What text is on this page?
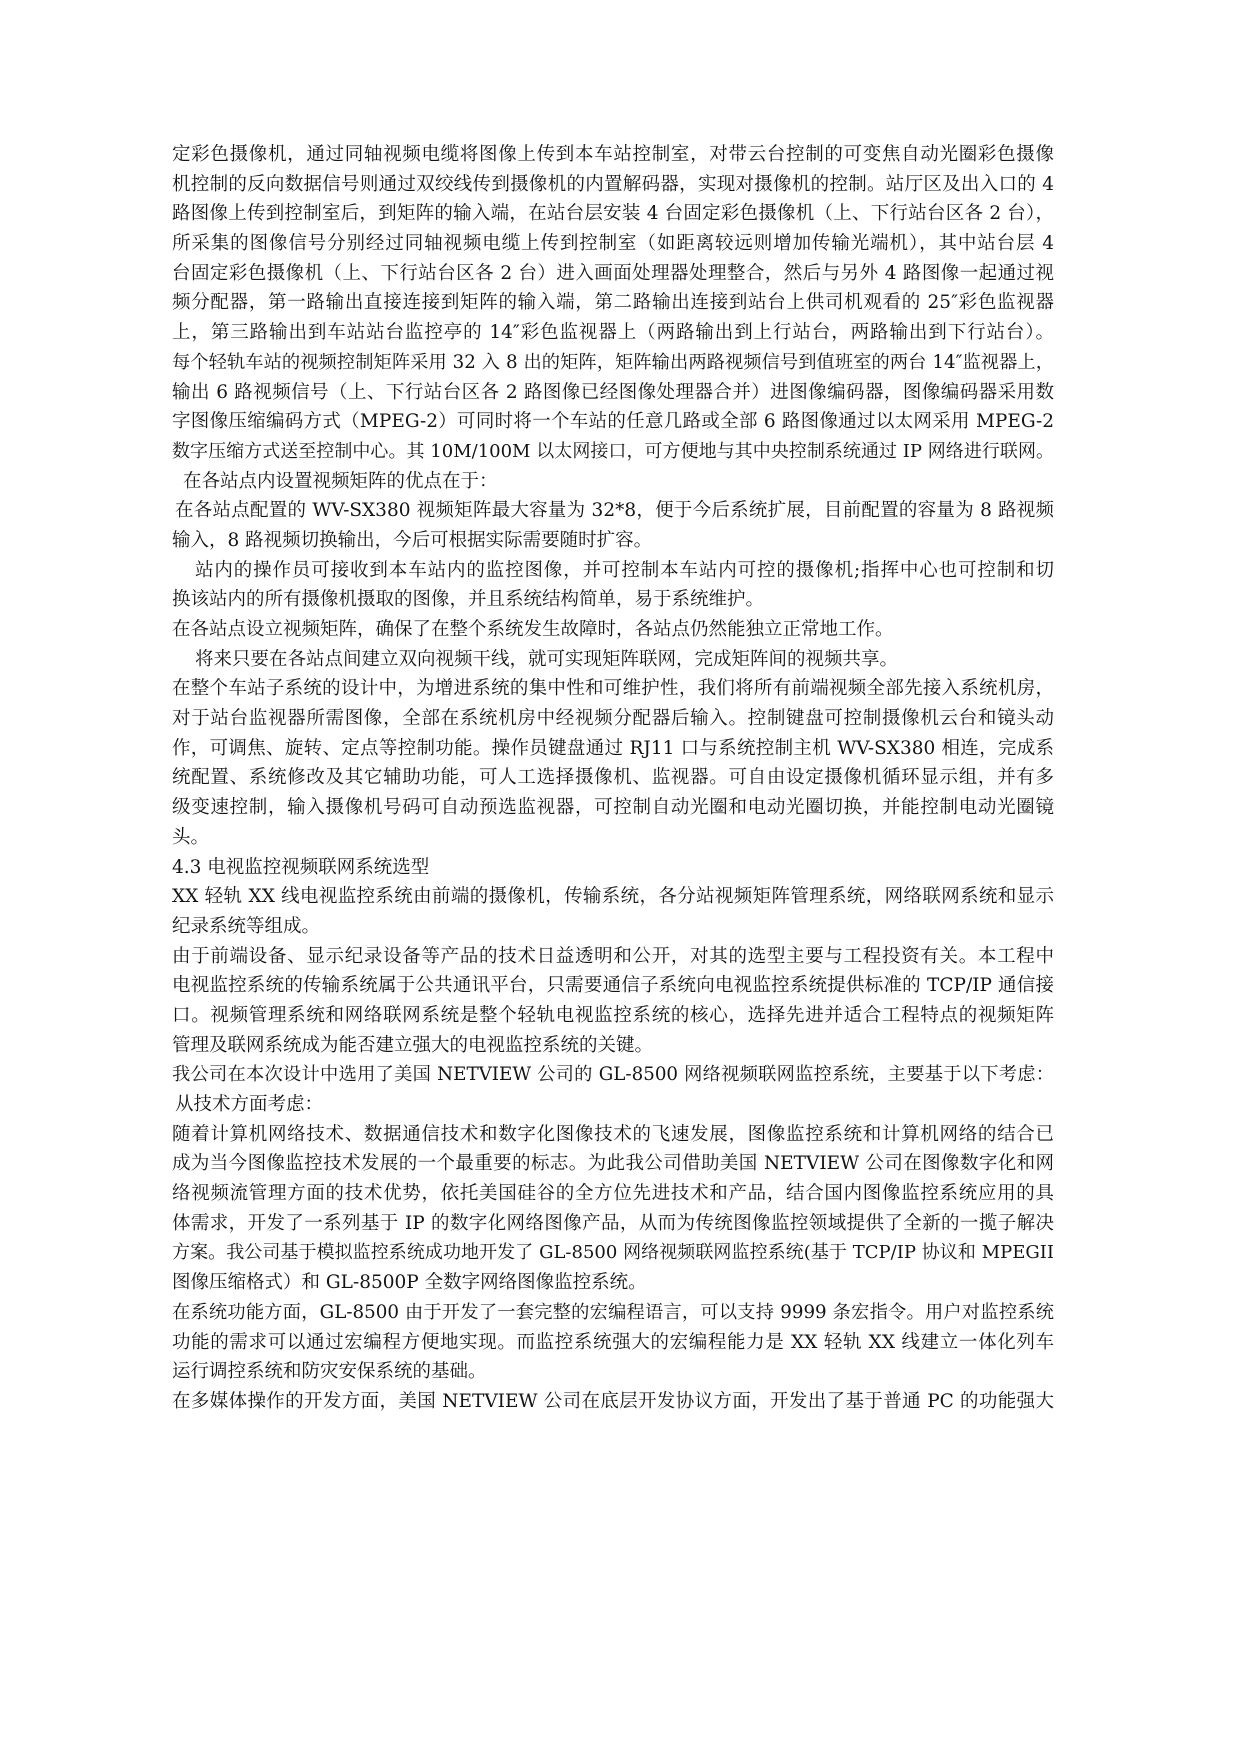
定彩色摄像机，通过同轴视频电缆将图像上传到本车站控制室，对带云台控制的可变焦自动光圈彩色摄像
机控制的反向数据信号则通过双绞线传到摄像机的内置解码器，实现对摄像机的控制。站厅区及出入口的 4
路图像上传到控制室后，到矩阵的输入端，在站台层安装 4 台固定彩色摄像机（上、下行站台区各 2 台），
所采集的图像信号分别经过同轴视频电缆上传到控制室（如距离较远则增加传输光端机），其中站台层 4
台固定彩色摄像机（上、下行站台区各 2 台）进入画面处理器处理整合，然后与另外 4 路图像一起通过视
频分配器，第一路输出直接连接到矩阵的输入端，第二路输出连接到站台上供司机观看的 25″彩色监视器
上，第三路输出到车站站台监控亭的 14″彩色监视器上（两路输出到上行站台，两路输出到下行站台）。
每个轻轨车站的视频控制矩阵采用 32 入 8 出的矩阵，矩阵输出两路视频信号到值班室的两台 14″监视器上，
输出 6 路视频信号（上、下行站台区各 2 路图像已经图像处理器合并）进图像编码器，图像编码器采用数
字图像压缩编码方式（MPEG-2）可同时将一个车站的任意几路或全部 6 路图像通过以太网采用 MPEG-2
数字压缩方式送至控制中心。其 10M/100M 以太网接口，可方便地与其中央控制系统通过 IP 网络进行联网。
在各站点内设置视频矩阵的优点在于：
在各站点配置的 WV-SX380 视频矩阵最大容量为 32*8，便于今后系统扩展，目前配置的容量为 8 路视频
输入，8 路视频切换输出，今后可根据实际需要随时扩容。
站内的操作员可接收到本车站内的监控图像，并可控制本车站内可控的摄像机;指挥中心也可控制和切
换该站内的所有摄像机摄取的图像，并且系统结构简单，易于系统维护。
在各站点设立视频矩阵，确保了在整个系统发生故障时，各站点仍然能独立正常地工作。
将来只要在各站点间建立双向视频干线，就可实现矩阵联网，完成矩阵间的视频共享。
在整个车站子系统的设计中，为增进系统的集中性和可维护性，我们将所有前端视频全部先接入系统机房，
对于站台监视器所需图像，全部在系统机房中经视频分配器后输入。控制键盘可控制摄像机云台和镜头动
作，可调焦、旋转、定点等控制功能。操作员键盘通过 RJ11 口与系统控制主机 WV-SX380 相连，完成系
统配置、系统修改及其它辅助功能，可人工选择摄像机、监视器。可自由设定摄像机循环显示组，并有多
级变速控制，输入摄像机号码可自动预选监视器，可控制自动光圈和电动光圈切换，并能控制电动光圈镜
头。
4.3 电视监控视频联网系统选型
XX 轻轨 XX 线电视监控系统由前端的摄像机，传输系统，各分站视频矩阵管理系统，网络联网系统和显示
纪录系统等组成。
由于前端设备、显示纪录设备等产品的技术日益透明和公开，对其的选型主要与工程投资有关。本工程中
电视监控系统的传输系统属于公共通讯平台，只需要通信子系统向电视监控系统提供标准的 TCP/IP 通信接
口。视频管理系统和网络联网系统是整个轻轨电视监控系统的核心，选择先进并适合工程特点的视频矩阵
管理及联网系统成为能否建立强大的电视监控系统的关键。
我公司在本次设计中选用了美国 NETVIEW 公司的 GL-8500 网络视频联网监控系统，主要基于以下考虑：
从技术方面考虑：
随着计算机网络技术、数据通信技术和数字化图像技术的飞速发展，图像监控系统和计算机网络的结合已
成为当今图像监控技术发展的一个最重要的标志。为此我公司借助美国 NETVIEW 公司在图像数字化和网
络视频流管理方面的技术优势，依托美国硅谷的全方位先进技术和产品，结合国内图像监控系统应用的具
体需求，开发了一系列基于 IP 的数字化网络图像产品，从而为传统图像监控领域提供了全新的一揽子解决
方案。我公司基于模拟监控系统成功地开发了 GL-8500 网络视频联网监控系统(基于 TCP/IP 协议和 MPEGII
图像压缩格式）和 GL-8500P 全数字网络图像监控系统。
在系统功能方面，GL-8500 由于开发了一套完整的宏编程语言，可以支持 9999 条宏指令。用户对监控系统
功能的需求可以通过宏编程方便地实现。而监控系统强大的宏编程能力是 XX 轻轨 XX 线建立一体化列车
运行调控系统和防灾安保系统的基础。
在多媒体操作的开发方面，美国 NETVIEW 公司在底层开发协议方面，开发出了基于普通 PC 的功能强大
